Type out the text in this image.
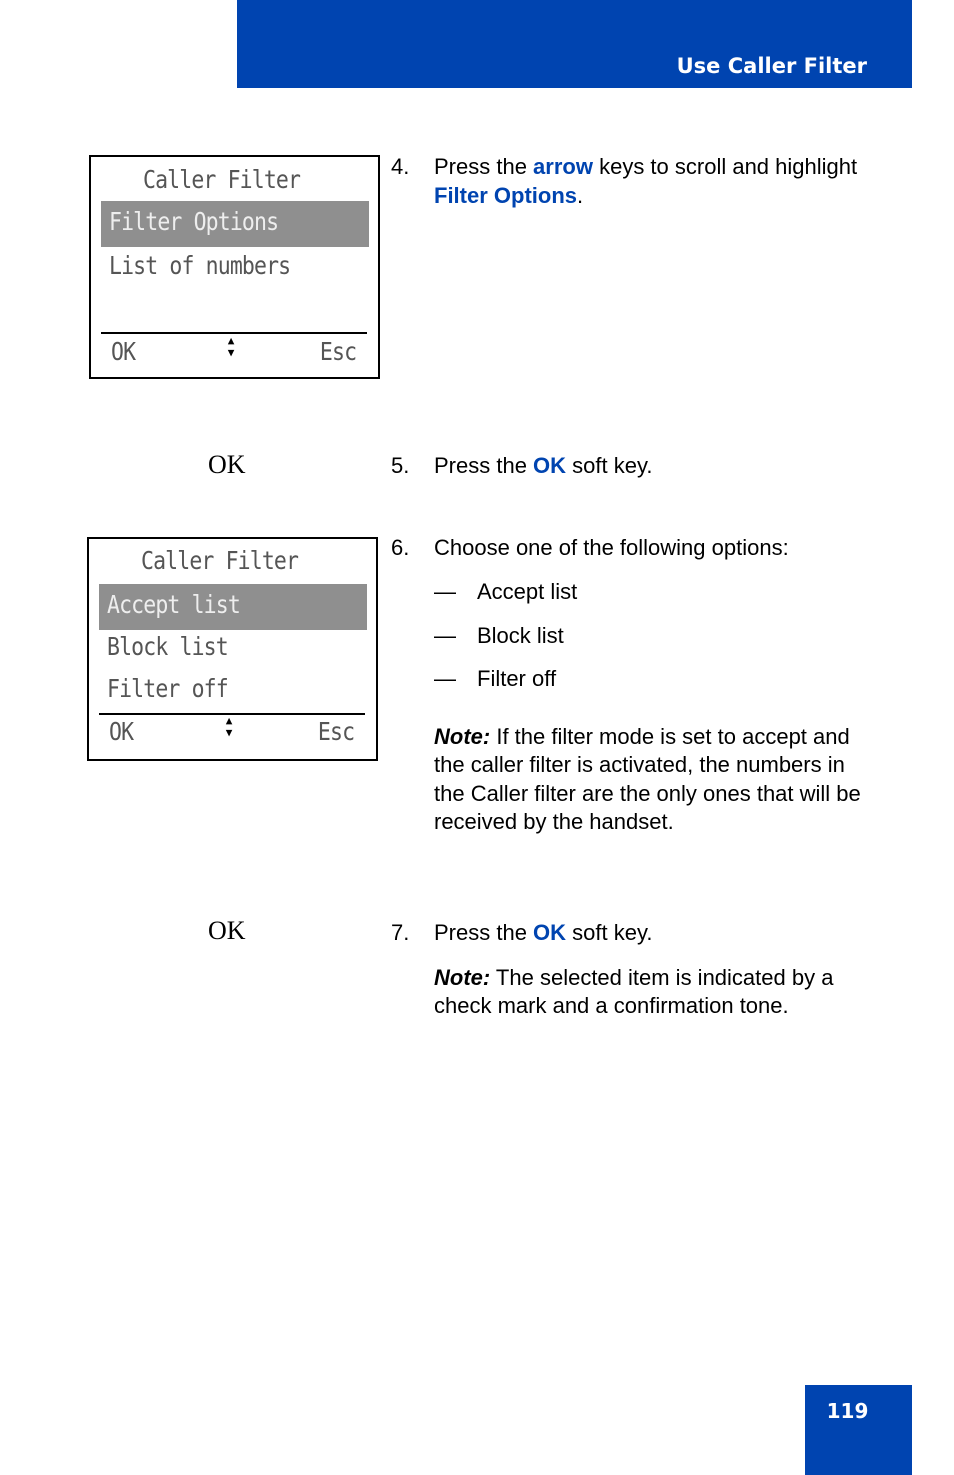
Use Caller Filter
Caller Filter
Filter Options
List of numbers
OK	▲
▼	Esc
4. Press the arrow keys to scroll and highlight Filter Options.
OK	5. Press the OK soft key.
Caller Filter
Accept list
Block list
Filter off
OK	▲
▼	Esc
6. Choose one of the following options:
— Accept list
— Block list
— Filter off
Note: If the filter mode is set to accept and the caller filter is activated, the numbers in the Caller filter are the only ones that will be received by the handset.
OK	7. Press the OK soft key.
Note: The selected item is indicated by a check mark and a confirmation tone.
119
